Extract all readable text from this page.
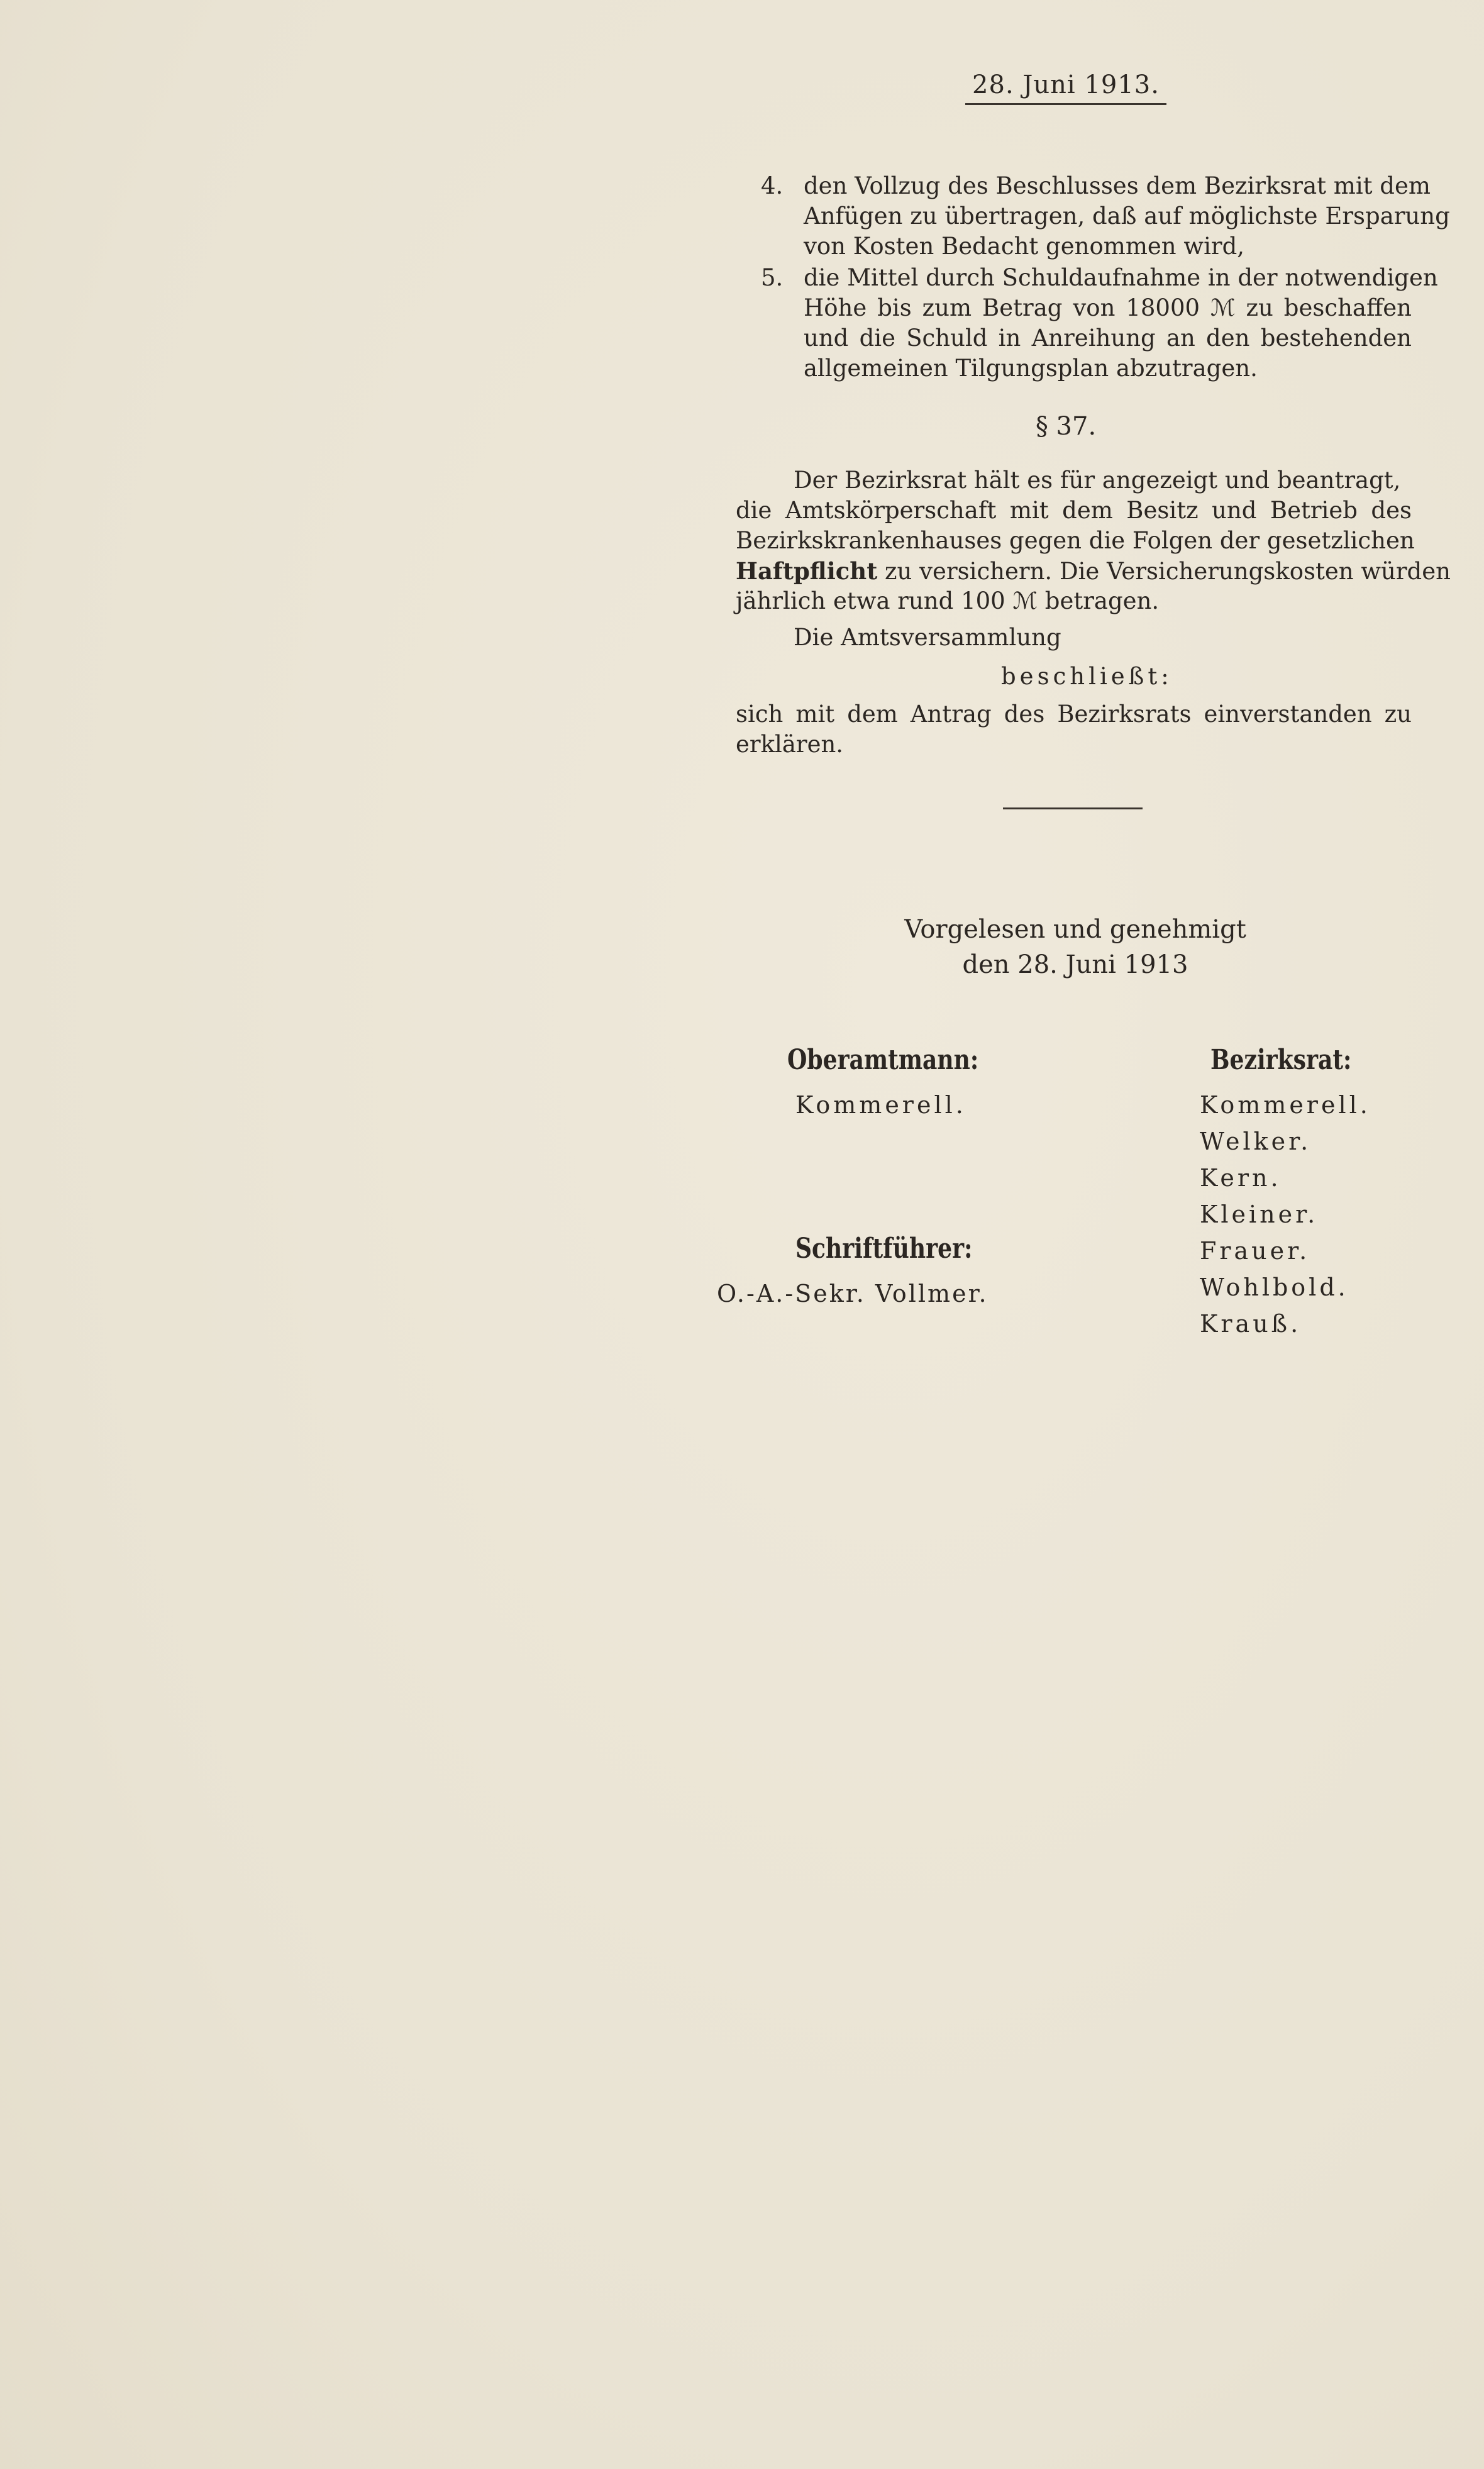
28. Juni 1913.
4. den Vollzug des Beschlusses dem Bezirksrat mit dem
Anfügen zu übertragen, daß auf möglichste Ersparung
von Kosten Bedacht genommen wird,
5. die Mittel durch Schuldaufnahme in der notwendigen
Höhe bis zum Betrag von 18000 ℳ zu beschaffen
und die Schuld in Anreihung an den bestehenden
allgemeinen Tilgungsplan abzutragen.
§ 37.
Der Bezirksrat hält es für angezeigt und beantragt,
die Amtskörperschaft mit dem Besitz und Betrieb des
Bezirkskrankenhauses gegen die Folgen der gesetzlichen
Haftpflicht zu versichern. Die Versicherungskosten würden
jährlich etwa rund 100 ℳ betragen.
Die Amtsversammlung
beschließt:
sich mit dem Antrag des Bezirksrats einverstanden zu
erklären.
Vorgelesen und genehmigt
den 28. Juni 1913
Oberamtmann:
Kommerell.
Schriftführer:
O.-A.-Sekr. Vollmer.
Bezirksrat:
Kommerell.
Welker.
Kern.
Kleiner.
Frauer.
Wohlbold.
Krauß.
